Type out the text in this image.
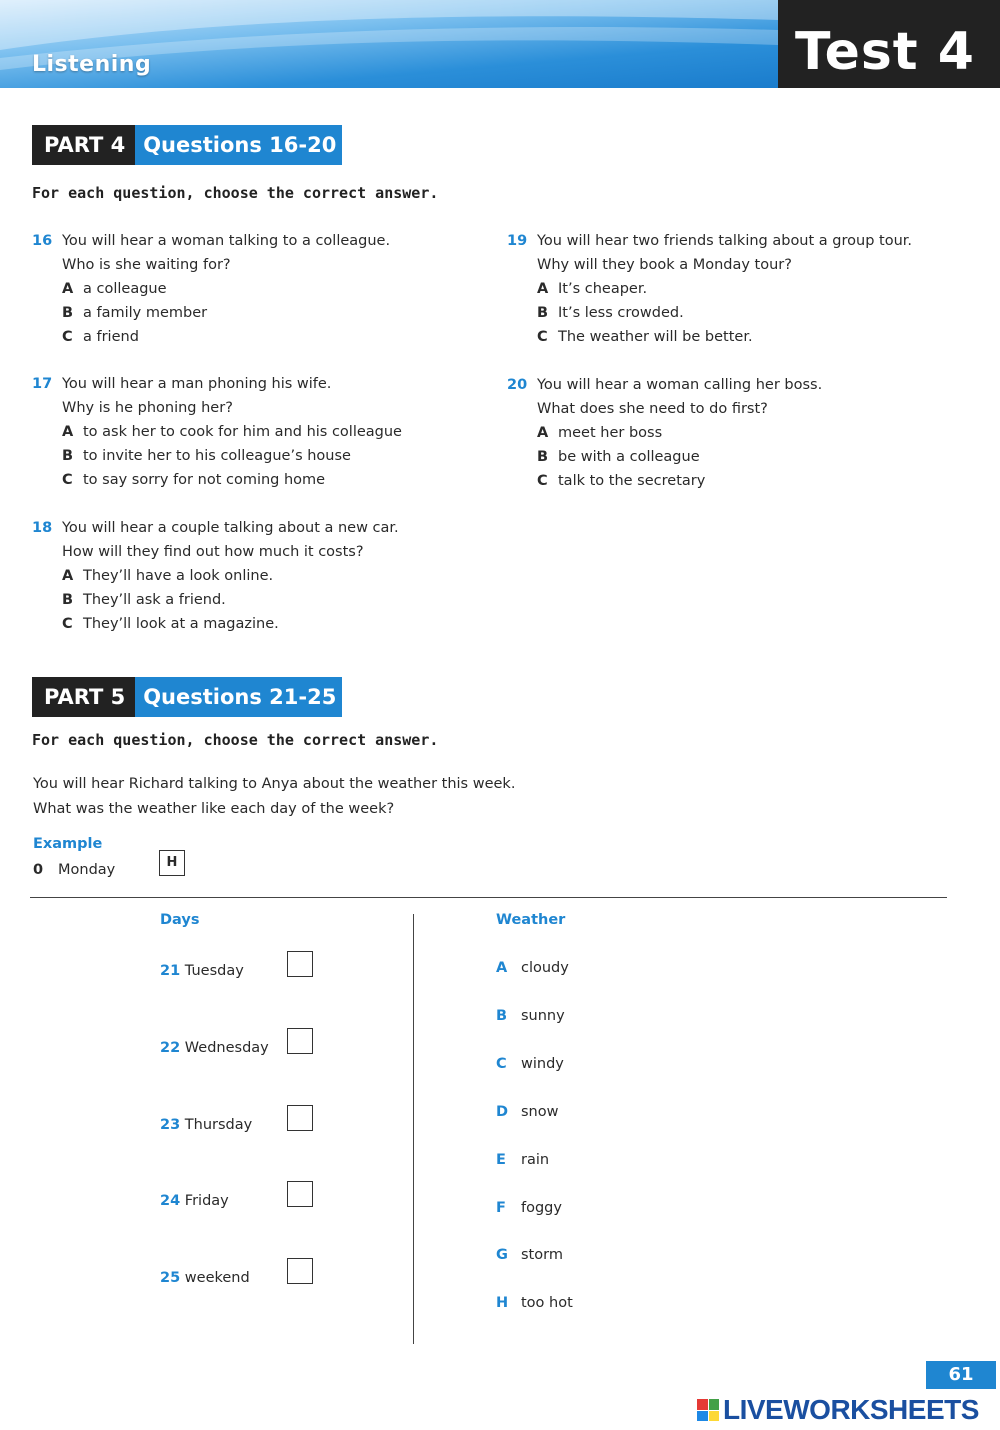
Listening	Test 4
PART 4 Questions 16-20
For each question, choose the correct answer.
16 You will hear a woman talking to a colleague.
Who is she waiting for?
A a colleague
B a family member
C a friend
17 You will hear a man phoning his wife.
Why is he phoning her?
A to ask her to cook for him and his colleague
B to invite her to his colleague’s house
C to say sorry for not coming home
18 You will hear a couple talking about a new car.
How will they find out how much it costs?
A They’ll have a look online.
B They’ll ask a friend.
C They’ll look at a magazine.
19 You will hear two friends talking about a group tour.
Why will they book a Monday tour?
A It’s cheaper.
B It’s less crowded.
C The weather will be better.
20 You will hear a woman calling her boss.
What does she need to do first?
A meet her boss
B be with a colleague
C talk to the secretary
PART 5 Questions 21-25
For each question, choose the correct answer.
You will hear Richard talking to Anya about the weather this week.
What was the weather like each day of the week?
Example
0 Monday	H
Days	Weather
21 Tuesday
22 Wednesday
23 Thursday
24 Friday
25 weekend
A cloudy
B sunny
C windy
D snow
E rain
F foggy
G storm
H too hot
61
LIVEWORKSHEETS
